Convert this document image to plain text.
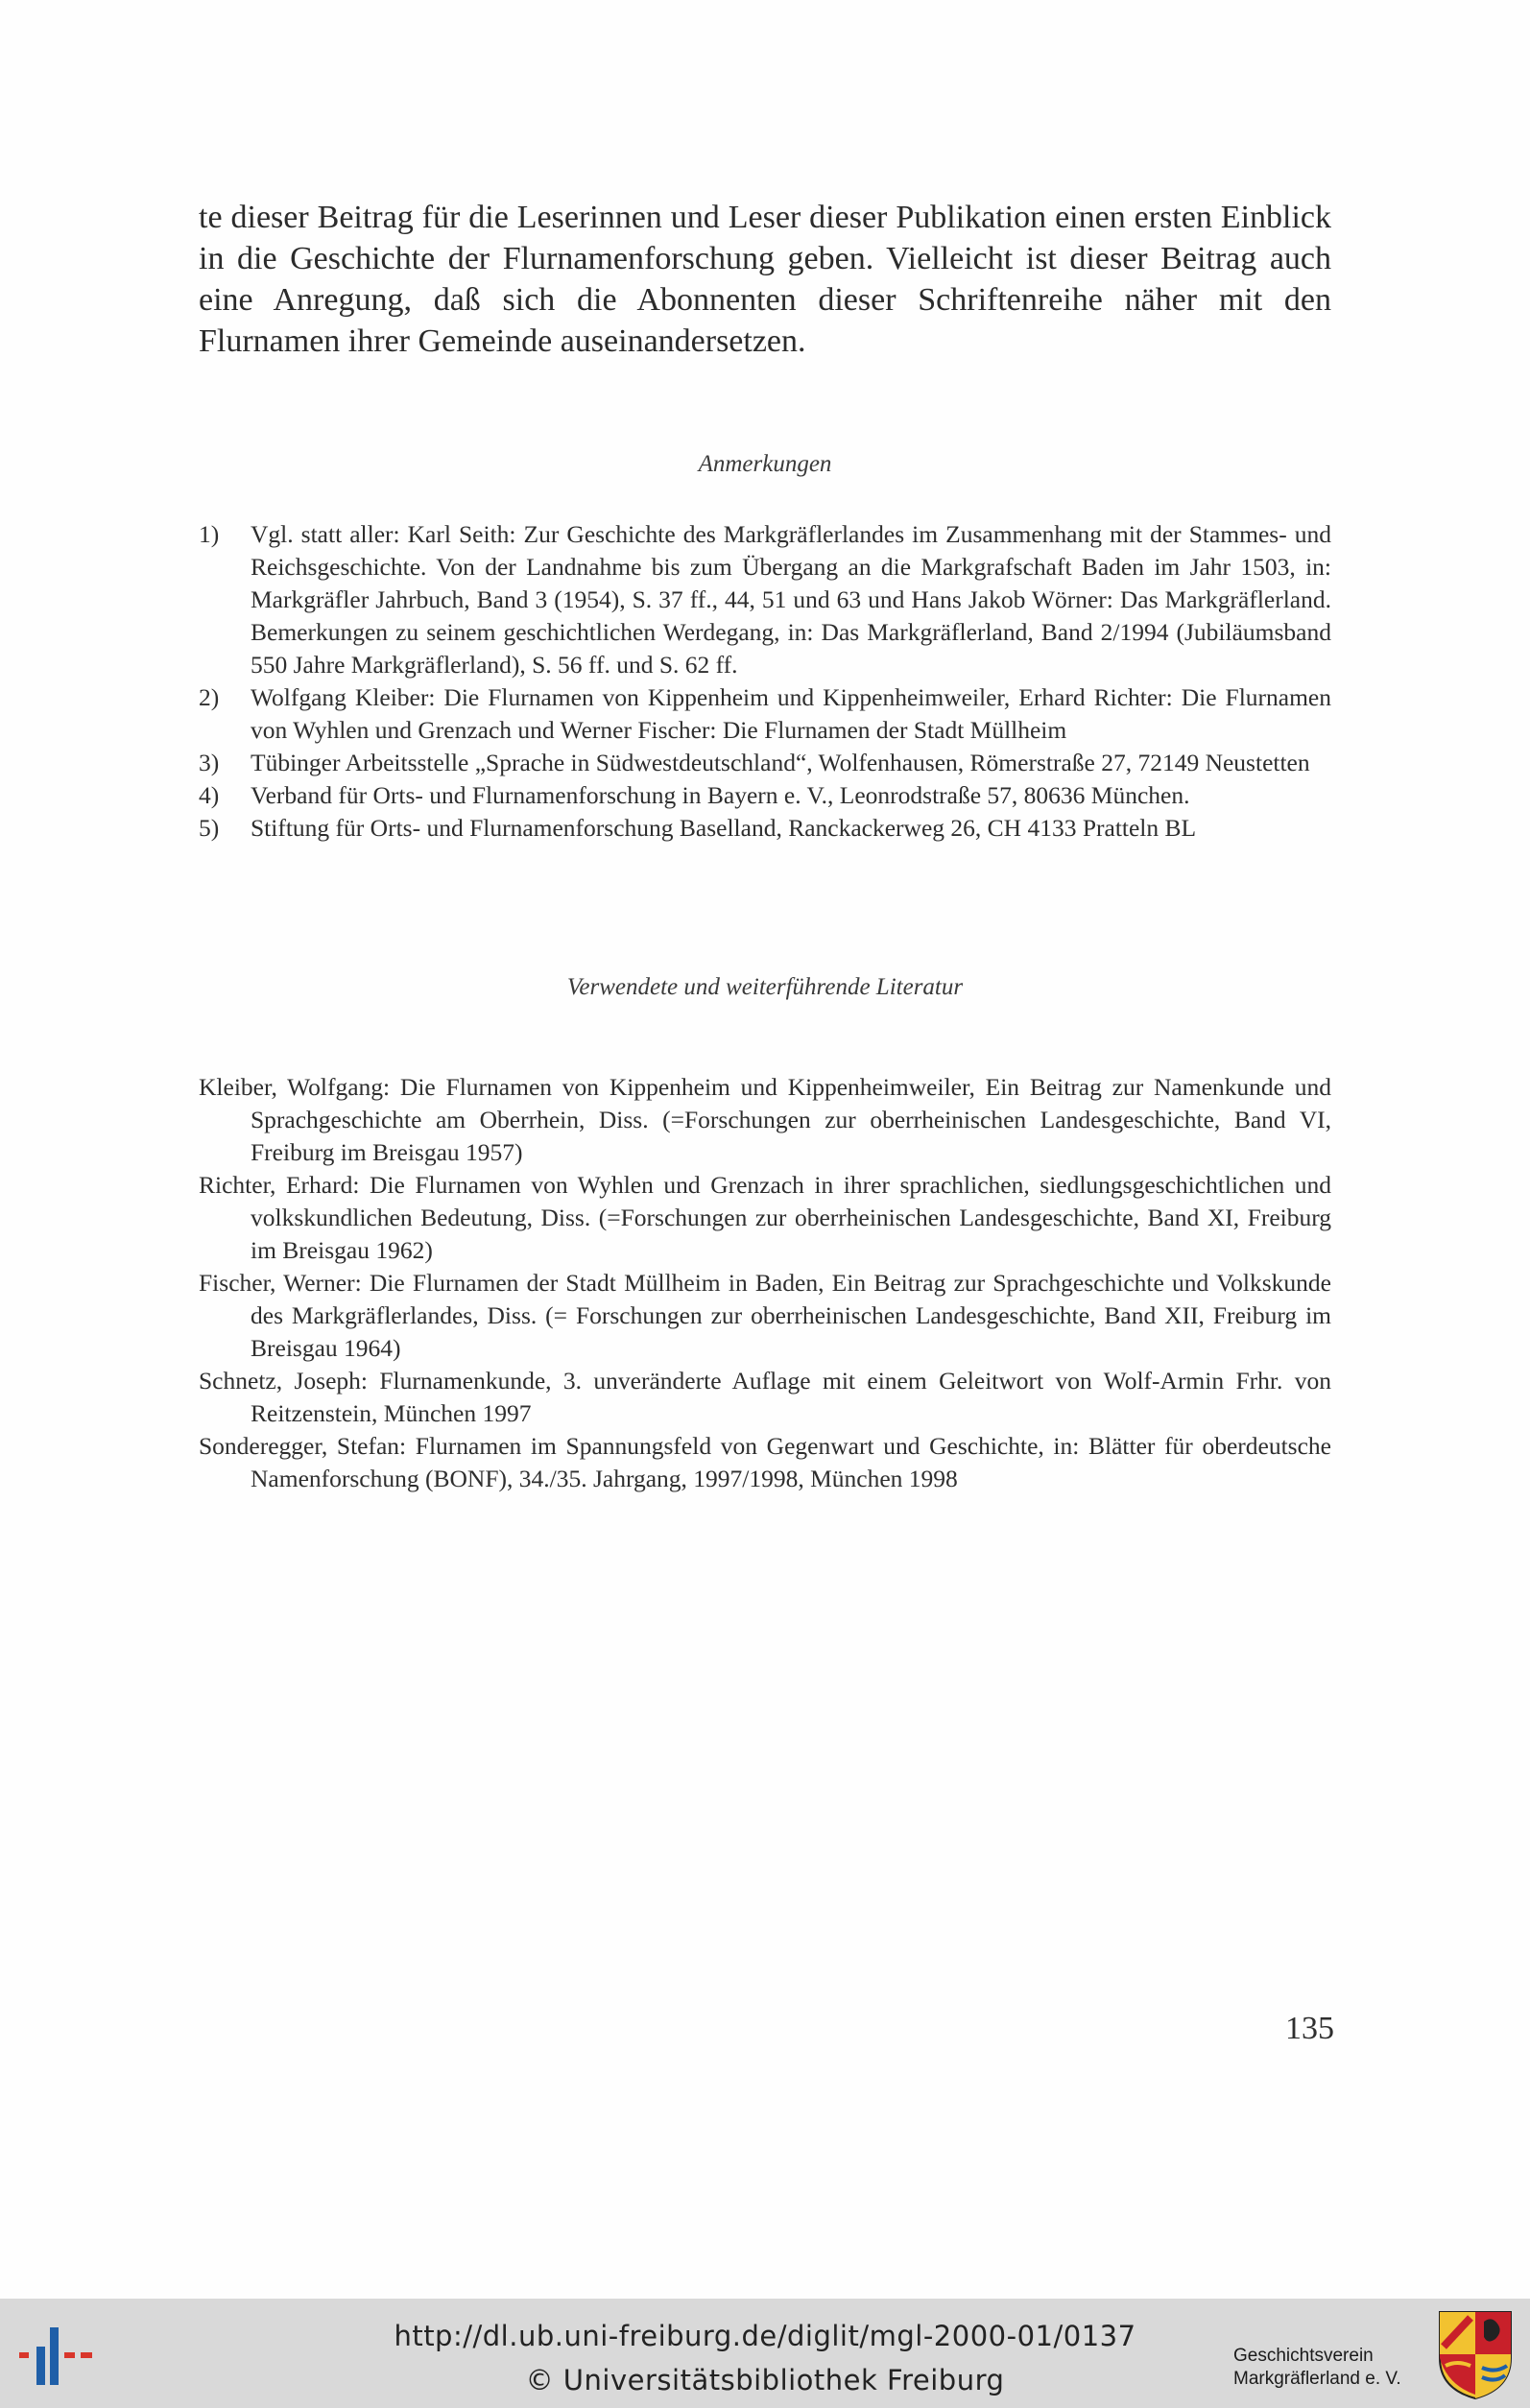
te dieser Beitrag für die Leserinnen und Leser dieser Publikation einen ersten Einblick in die Geschichte der Flurnamenforschung geben. Vielleicht ist dieser Beitrag auch eine Anregung, daß sich die Abonnenten dieser Schriftenreihe näher mit den Flurnamen ihrer Gemeinde auseinandersetzen.

Anmerkungen

1) Vgl. statt aller: Karl Seith: Zur Geschichte des Markgräflerlandes im Zusammenhang mit der Stammes- und Reichsgeschichte. Von der Landnahme bis zum Übergang an die Markgrafschaft Baden im Jahr 1503, in: Markgräfler Jahrbuch, Band 3 (1954), S. 37 ff., 44, 51 und 63 und Hans Jakob Wörner: Das Markgräflerland. Bemerkungen zu seinem geschichtlichen Werdegang, in: Das Markgräflerland, Band 2/1994 (Jubiläumsband 550 Jahre Markgräflerland), S. 56 ff. und S. 62 ff.
2) Wolfgang Kleiber: Die Flurnamen von Kippenheim und Kippenheimweiler, Erhard Richter: Die Flurnamen von Wyhlen und Grenzach und Werner Fischer: Die Flurnamen der Stadt Müllheim
3) Tübinger Arbeitsstelle „Sprache in Südwestdeutschland“, Wolfenhausen, Römerstraße 27, 72149 Neustetten
4) Verband für Orts- und Flurnamenforschung in Bayern e. V., Leonrodstraße 57, 80636 München.
5) Stiftung für Orts- und Flurnamenforschung Baselland, Ranckackerweg 26, CH 4133 Pratteln BL

Verwendete und weiterführende Literatur

Kleiber, Wolfgang: Die Flurnamen von Kippenheim und Kippenheimweiler, Ein Beitrag zur Namenkunde und Sprachgeschichte am Oberrhein, Diss. (=Forschungen zur oberrheinischen Landesgeschichte, Band VI, Freiburg im Breisgau 1957)
Richter, Erhard: Die Flurnamen von Wyhlen und Grenzach in ihrer sprachlichen, siedlungsgeschichtlichen und volkskundlichen Bedeutung, Diss. (=Forschungen zur oberrheinischen Landesgeschichte, Band XI, Freiburg im Breisgau 1962)
Fischer, Werner: Die Flurnamen der Stadt Müllheim in Baden, Ein Beitrag zur Sprachgeschichte und Volkskunde des Markgräflerlandes, Diss. (= Forschungen zur oberrheinischen Landesgeschichte, Band XII, Freiburg im Breisgau 1964)
Schnetz, Joseph: Flurnamenkunde, 3. unveränderte Auflage mit einem Geleitwort von Wolf-Armin Frhr. von Reitzenstein, München 1997
Sonderegger, Stefan: Flurnamen im Spannungsfeld von Gegenwart und Geschichte, in: Blätter für oberdeutsche Namenforschung (BONF), 34./35. Jahrgang, 1997/1998, München 1998

135

http://dl.ub.uni-freiburg.de/diglit/mgl-2000-01/0137
© Universitätsbibliothek Freiburg
Geschichtsverein
Markgräflerland e. V.
